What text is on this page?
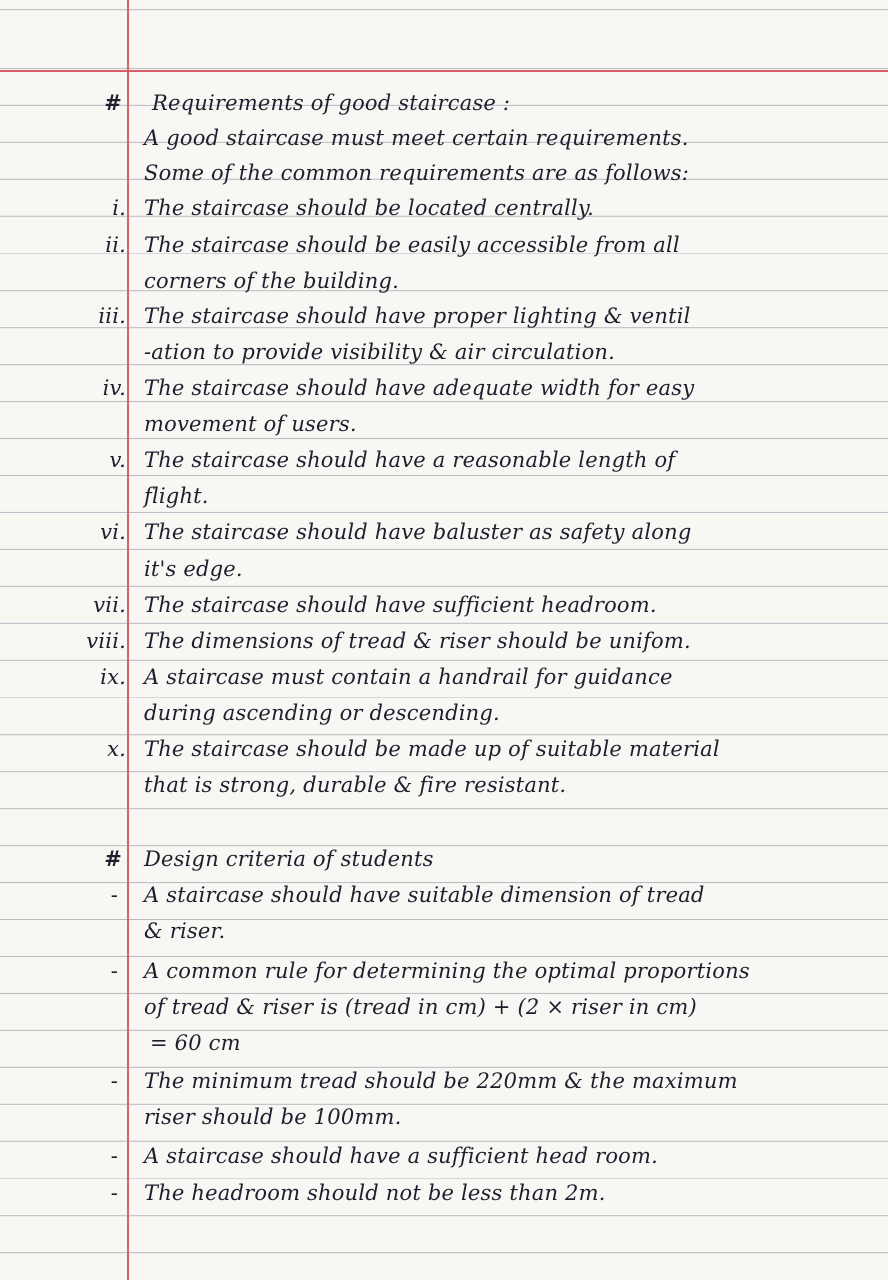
# Requirements of good staircase :
A good staircase must meet certain requirements.
Some of the common requirements are as follows:
i. The staircase should be located centrally.
ii. The staircase should be easily accessible from all
corners of the building.
iii. The staircase should have proper lighting & ventil
-ation to provide visibility & air circulation.
iv. The staircase should have adequate width for easy
movement of users.
v. The staircase should have a reasonable length of
flight.
vi. The staircase should have baluster as safety along
it's edge.
vii. The staircase should have sufficient headroom.
viii. The dimensions of tread & riser should be unifom.
ix. A staircase must contain a handrail for guidance
during ascending or descending.
x. The staircase should be made up of suitable material
that is strong, durable & fire resistant.
# Design criteria of students
- A staircase should have suitable dimension of tread
& riser.
- A common rule for determining the optimal proportions
of tread & riser is (tread in cm) + (2 × riser in cm)
= 60 cm
- The minimum tread should be 220mm & the maximum
riser should be 100mm.
- A staircase should have a sufficient head room.
- The headroom should not be less than 2m.
